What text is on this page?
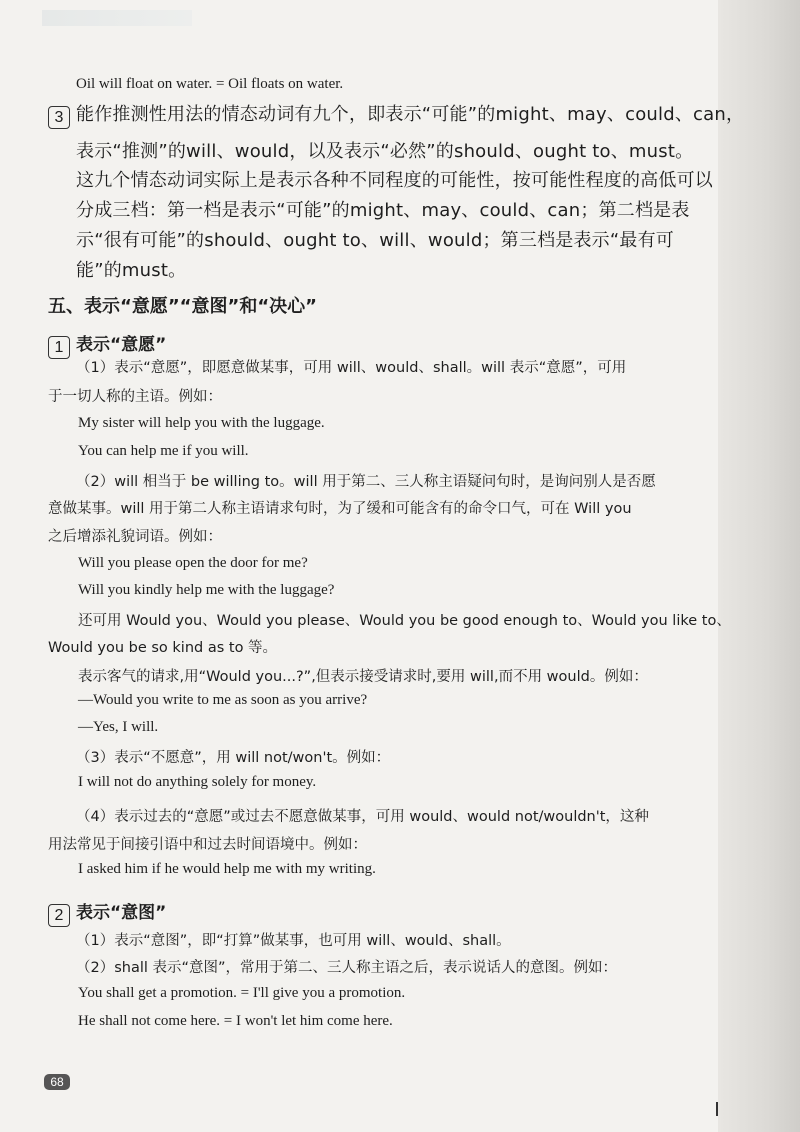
Oil will float on water. = Oil floats on water.
3 能作推测性用法的情态动词有九个，即表示“可能”的might、may、could、can，
表示“推测”的will、would，以及表示“必然”的should、ought to、must。
这九个情态动词实际上是表示各种不同程度的可能性，按可能性程度的高低可以
分成三档：第一档是表示“可能”的might、may、could、can；第二档是表
示“很有可能”的should、ought to、will、would；第三档是表示“最有可
能”的must。
五、表示“意愿”“意图”和“决心”
1 表示“意愿”
（1）表示“意愿”，即愿意做某事，可用 will、would、shall。will 表示“意愿”，可用
于一切人称的主语。例如：
My sister will help you with the luggage.
You can help me if you will.
（2）will 相当于 be willing to。will 用于第二、三人称主语疑问句时，是询问别人是否愿
意做某事。will 用于第二人称主语请求句时，为了缓和可能含有的命令口气，可在 Will you
之后增添礼貌词语。例如：
Will you please open the door for me?
Will you kindly help me with the luggage?
还可用 Would you、Would you please、Would you be good enough to、Would you like to、
Would you be so kind as to 等。
表示客气的请求,用“Would you...?”,但表示接受请求时,要用 will,而不用 would。例如：
—Would you write to me as soon as you arrive?
—Yes, I will.
（3）表示“不愿意”，用 will not/won't。例如：
I will not do anything solely for money.
（4）表示过去的“意愿”或过去不愿意做某事，可用 would、would not/wouldn't，这种
用法常见于间接引语中和过去时间语境中。例如：
I asked him if he would help me with my writing.
2 表示“意图”
（1）表示“意图”，即“打算”做某事，也可用 will、would、shall。
（2）shall 表示“意图”，常用于第二、三人称主语之后，表示说话人的意图。例如：
You shall get a promotion. = I'll give you a promotion.
He shall not come here. = I won't let him come here.
68
